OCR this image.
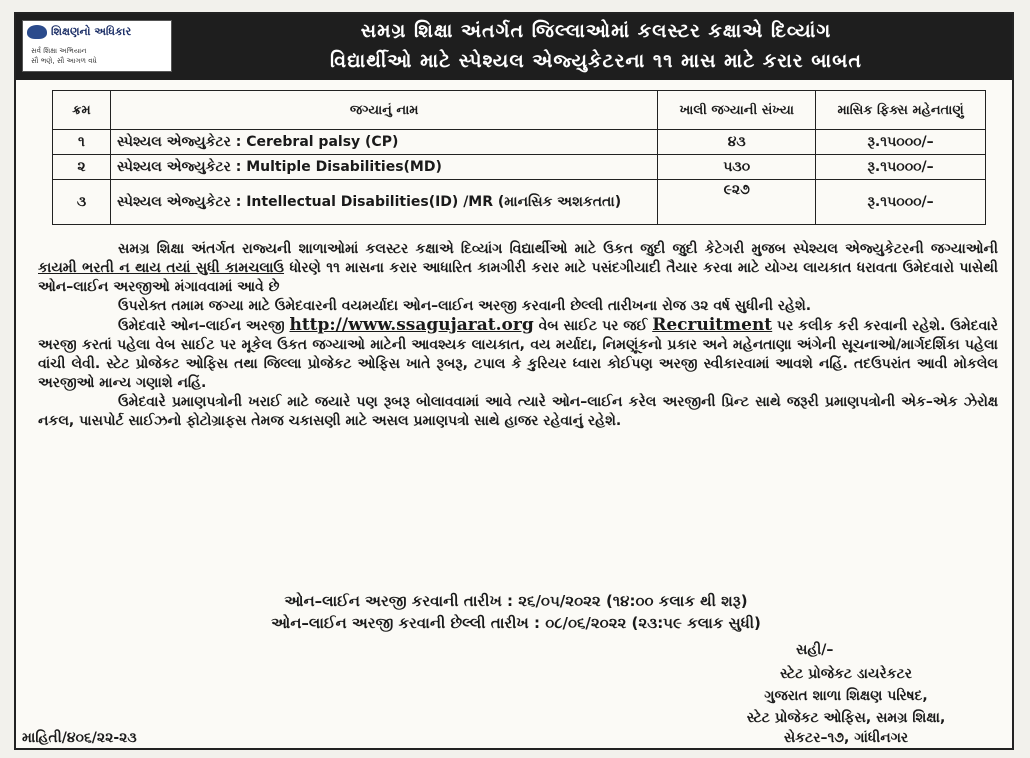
શિક્ષણનો અધિકાર
સર્વ શિક્ષા અભિયાન
સૌ ભણે, સૌ આગળ વધે
સમગ્ર શિક્ષા અંતર્ગત જિલ્લાઓમાં કલસ્ટર કક્ષાએ દિવ્યાંગ
વિદ્યાર્થીઓ માટે સ્પેશ્યલ એજ્યુકેટરના ૧૧ માસ માટે કરાર બાબત
ક્રમ	જગ્યાનું નામ	ખાલી જગ્યાની સંખ્યા	માસિક ફિક્સ મહેનતાણું
૧	સ્પેશ્યલ એજ્યુકેટર : Cerebral palsy (CP)	૪૩	રૂ.૧૫૦૦૦/–
૨	સ્પેશ્યલ એજ્યુકેટર : Multiple Disabilities(MD)	૫૩૦	રૂ.૧૫૦૦૦/–
૩	સ્પેશ્યલ એજ્યુકેટર : Intellectual Disabilities(ID) /MR (માનસિક અશકતતા)	૯૨૭	રૂ.૧૫૦૦૦/–

સમગ્ર શિક્ષા અંતર્ગત રાજ્યની શાળાઓમાં કલસ્ટર કક્ષાએ દિવ્યાંગ વિદ્યાર્થીઓ માટે ઉકત જુદી જુદી કેટેગરી મુજબ સ્પેશ્યલ એજ્યુકેટરની જગ્યાઓની કાયમી ભરતી ન થાય તયાં સુધી કામચલાઉ ધોરણે ૧૧ માસના કરાર આધારિત કામગીરી કરાર માટે પસંદગીયાદી તૈયાર કરવા માટે યોગ્ય લાયકાત ધરાવતા ઉમેદવારો પાસેથી ઓન–લાઈન અરજીઓ મંગાવવામાં આવે છે

ઉપરોક્ત તમામ જગ્યા માટે ઉમેદવારની વયમર્યાદા ઓન–લાઈન અરજી કરવાની છેલ્લી તારીખના રોજ ૩૨ વર્ષ સુધીની રહેશે.

ઉમેદવારે ઓન–લાઈન અરજી http://www.ssagujarat.org વેબ સાઈટ પર જઈ Recruitment પર કલીક કરી કરવાની રહેશે. ઉમેદવારે અરજી કરતાં પહેલા વેબ સાઈટ પર મૂકેલ ઉકત જગ્યાઓ માટેની આવશ્યક લાયકાત, વય મર્યાદા, નિમણૂંકનો પ્રકાર અને મહેનતાણા અંગેની સૂચનાઓ/માર્ગદર્શિકા પહેલા વાંચી લેવી. સ્ટેટ પ્રોજેકટ ઓફિસ તથા જિલ્લા પ્રોજેકટ ઓફિસ ખાતે રૂબરૂ, ટપાલ કે કુરિયર ધ્વારા કોઈપણ અરજી સ્વીકારવામાં આવશે નહિં. તદઉપરાંત આવી મોકલેલ અરજીઓ માન્ય ગણાશે નહિં.

ઉમેદવારે પ્રમાણપત્રોની ખરાઈ માટે જયારે પણ રૂબરૂ બોલાવવામાં આવે ત્યારે ઓન–લાઈન કરેલ અરજીની પ્રિન્ટ સાથે જરૂરી પ્રમાણપત્રોની એક–એક ઝેરોક્ષ નકલ, પાસપોર્ટ સાઈઝનો ફોટોગ્રાફસ તેમજ ચકાસણી માટે અસલ પ્રમાણપત્રો સાથે હાજર રહેવાનું રહેશે.

ઓન–લાઈન અરજી કરવાની તારીખ : ૨૬/૦૫/૨૦૨૨ (૧૪:૦૦ કલાક થી શરૂ)
ઓન–લાઈન અરજી કરવાની છેલ્લી તારીખ : ૦૮/૦૬/૨૦૨૨ (૨૩:૫૯ કલાક સુધી)
સહી/–
સ્ટેટ પ્રોજેકટ ડાયરેકટર
ગુજરાત શાળા શિક્ષણ પરિષદ,
સ્ટેટ પ્રોજેકટ ઓફિસ, સમગ્ર શિક્ષા,
સેકટર–૧૭, ગાંધીનગર
માહિતી/૪૦૬/૨૨-૨૩
